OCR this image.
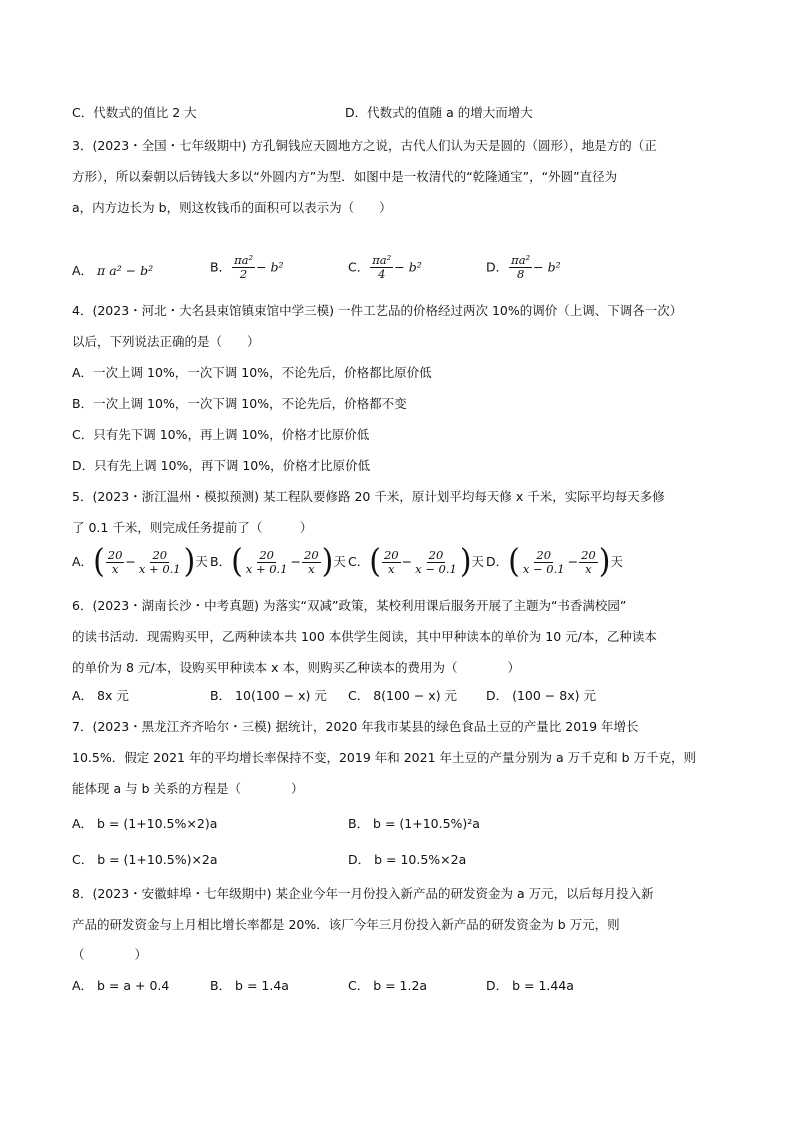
C．代数式的值比 2 大	D．代数式的值随 a 的增大而增大
3．(2023・全国・七年级期中) 方孔铜钱应天圆地方之说，古代人们认为天是圆的（圆形），地是方的（正
方形），所以秦朝以后铸钱大多以“外圆内方”为型．如图中是一枚清代的“乾隆通宝”，“外圆”直径为
a，内方边长为 b，则这枚钱币的面积可以表示为（　　）
A． π a² − b²	B． $\frac{\text{πa²}}{2} - b^2$	C． $\frac{\text{πa²}}{4} - b^2$	D． $\frac{\text{πa²}}{8} - b^2$
4．(2023・河北・大名县束馆镇束馆中学三模) 一件工艺品的价格经过两次 10%的调价（上调、下调各一次）
以后，下列说法正确的是（　　）
A．一次上调 10%，一次下调 10%，不论先后，价格都比原价低
B．一次上调 10%，一次下调 10%，不论先后，价格都不变
C．只有先下调 10%，再上调 10%，价格才比原价低
D．只有先上调 10%，再下调 10%，价格才比原价低
5．(2023・浙江温州・模拟预测) 某工程队要修路 20 千米，原计划平均每天修 x 千米，实际平均每天多修
了 0.1 千米，则完成任务提前了（　　　）
A． ( $\frac{20}{x} - \frac{20}{x + 0.1}$ ) 天 B． ( $\frac{20}{x + 0.1} - \frac{20}{x}$ ) 天 C． ( $\frac{20}{x} - \frac{20}{x - 0.1}$ ) 天 D． ( $\frac{20}{x - 0.1} - \frac{20}{x}$ ) 天
6．(2023・湖南长沙・中考真题) 为落实“双减”政策，某校利用课后服务开展了主题为“书香满校园”
的读书活动．现需购买甲，乙两种读本共 100 本供学生阅读，其中甲种读本的单价为 10 元/本，乙种读本
的单价为 8 元/本，设购买甲种读本 x 本，则购买乙种读本的费用为（　　　　）
A． 8x 元	B． 10(100 − x) 元 C． 8(100 − x) 元 D． (100 − 8x) 元
7．(2023・黑龙江齐齐哈尔・三模) 据统计，2020 年我市某县的绿色食品土豆的产量比 2019 年增长
10.5%．假定 2021 年的平均增长率保持不变，2019 年和 2021 年土豆的产量分别为 a 万千克和 b 万千克，则
能体现 a 与 b 关系的方程是（　　　　）
A． b = (1+10.5%×2)a	B． b = (1+10.5%)²a
C． b = (1+10.5%)×2a	D． b = 10.5%×2a
8．(2023・安徽蚌埠・七年级期中) 某企业今年一月份投入新产品的研发资金为 a 万元，以后每月投入新
产品的研发资金与上月相比增长率都是 20%．该厂今年三月份投入新产品的研发资金为 b 万元，则
（　　　　）
A． b = a + 0.4	B． b = 1.4a	C． b = 1.2a	D． b = 1.44a
